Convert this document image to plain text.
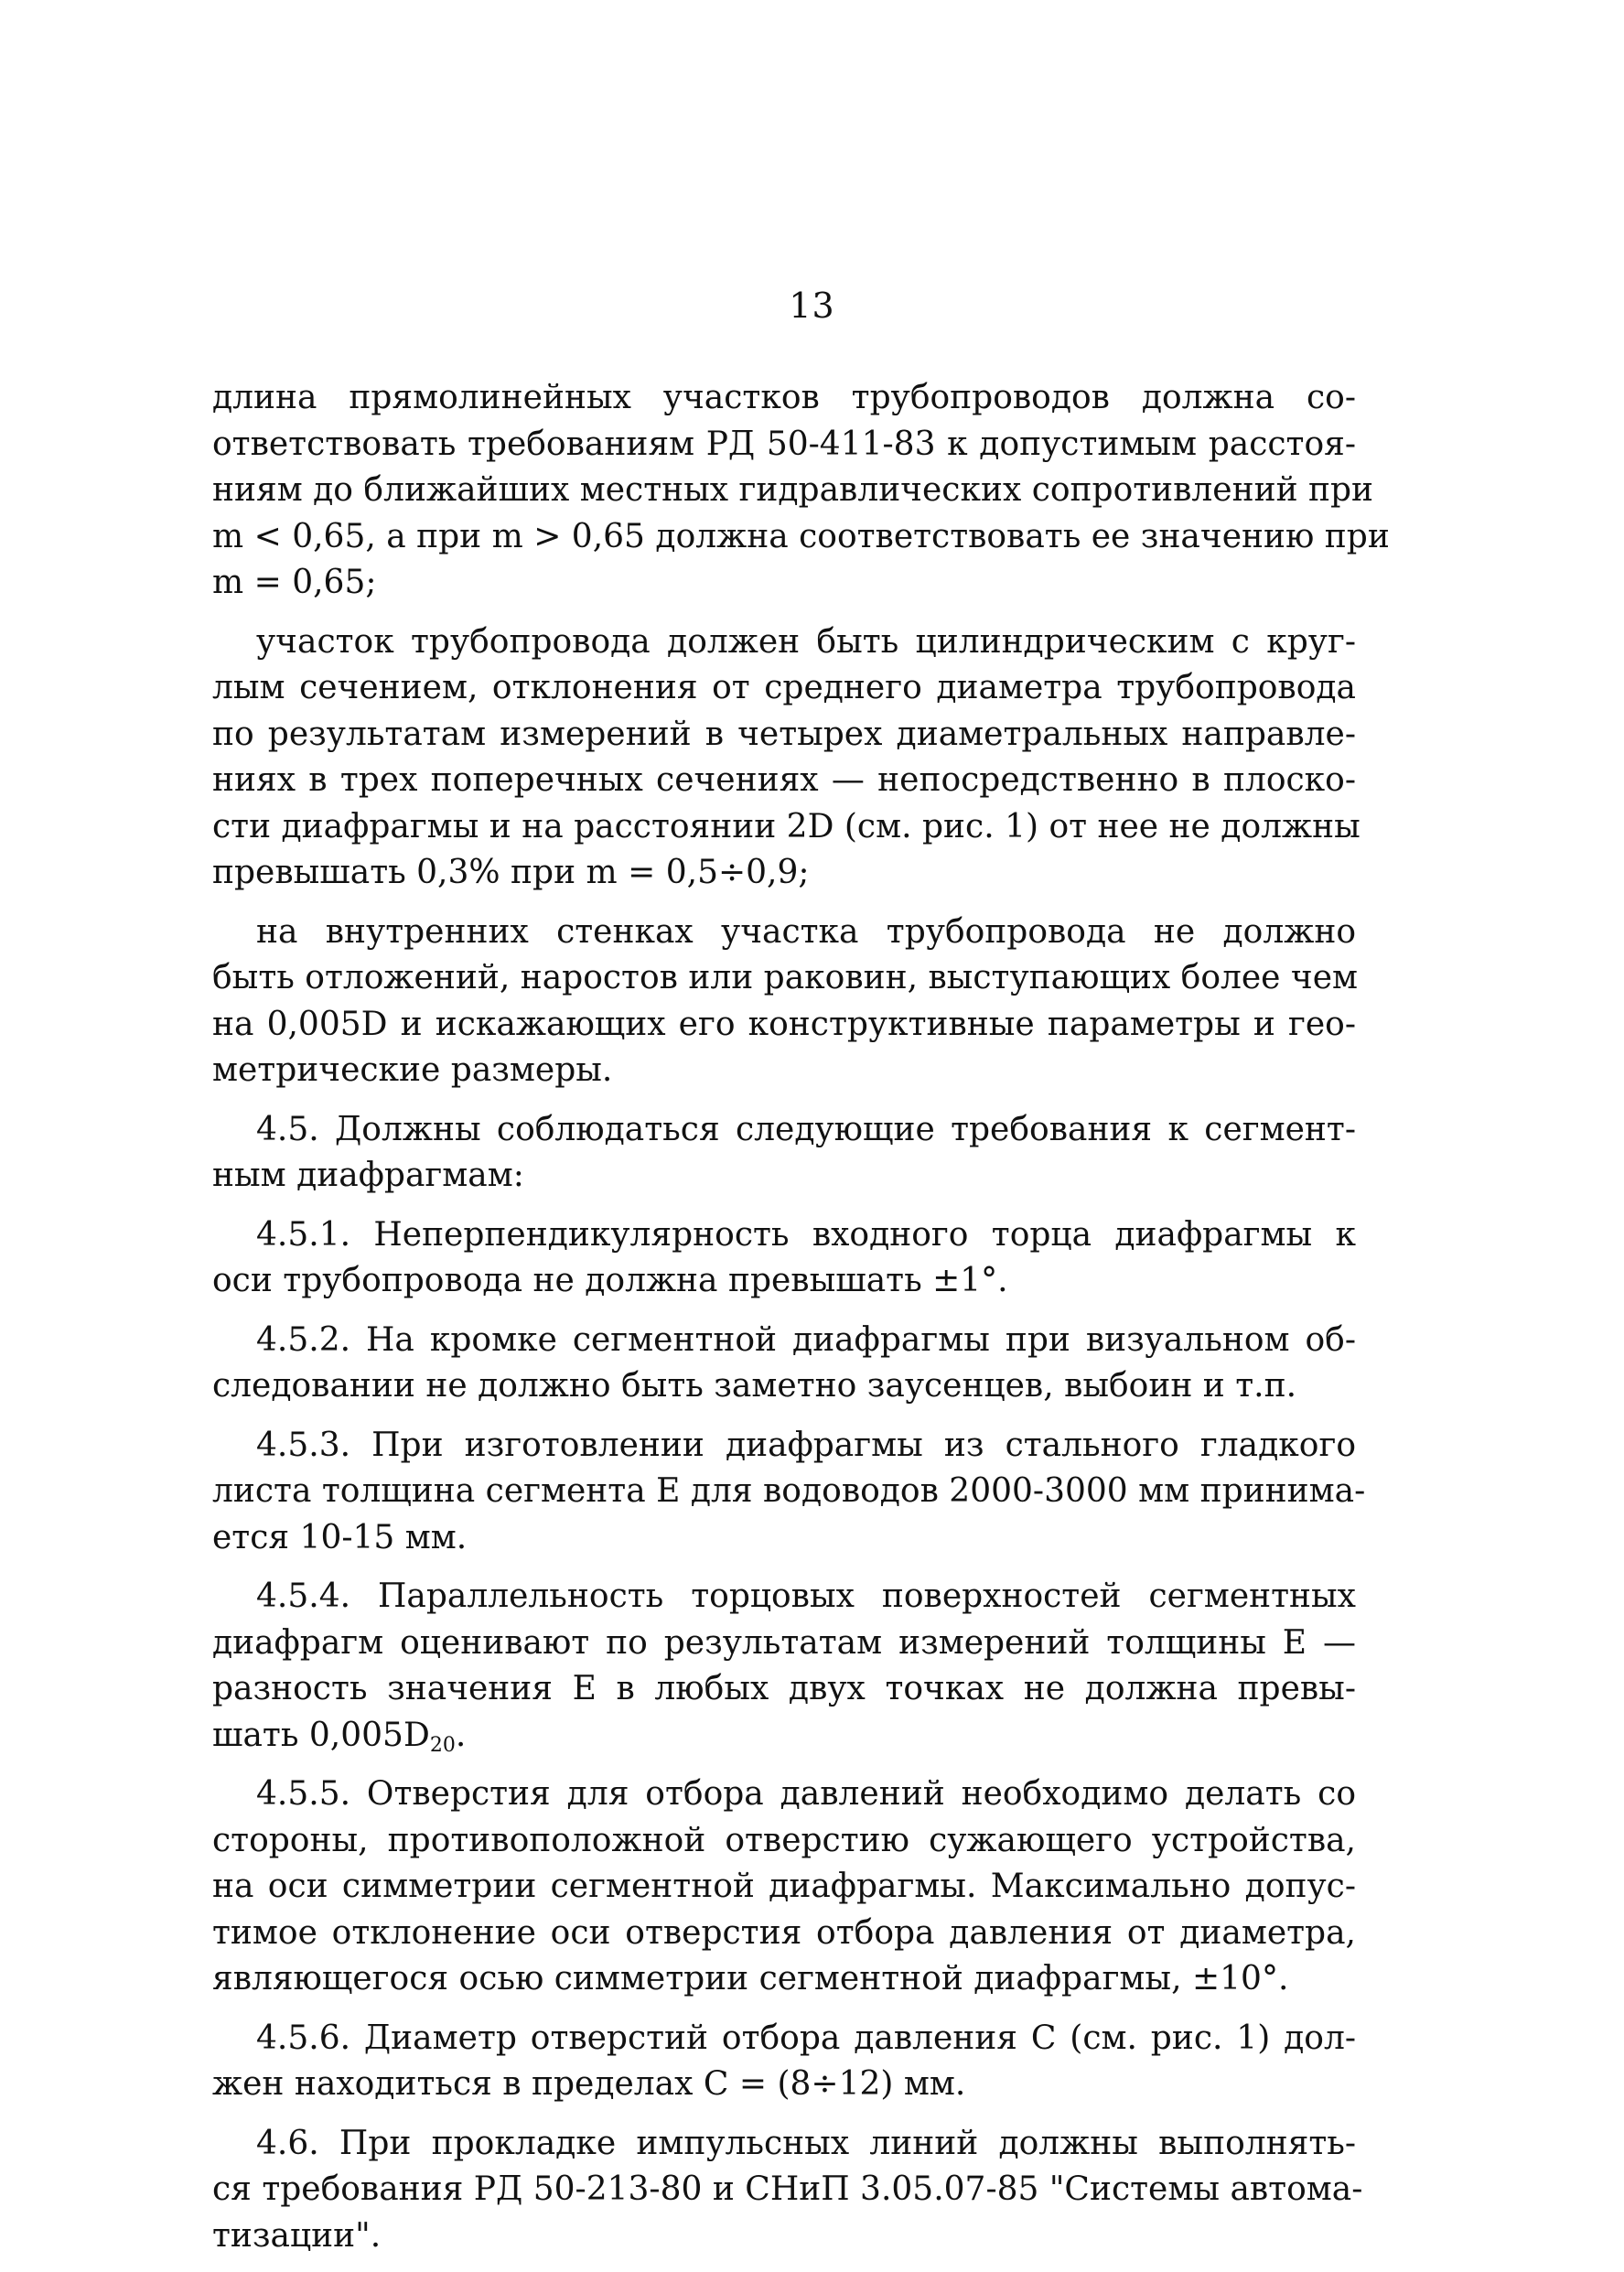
13
длина прямолинейных участков трубопроводов должна со-
ответствовать требованиям РД 50-411-83 к допустимым расстоя-
ниям до ближайших местных гидравлических сопротивлений при
m < 0,65, а при m > 0,65 должна соответствовать ее значению при
m = 0,65;
участок трубопровода должен быть цилиндрическим с круг-
лым сечением, отклонения от среднего диаметра трубопровода
по результатам измерений в четырех диаметральных направле-
ниях в трех поперечных сечениях — непосредственно в плоско-
сти диафрагмы и на расстоянии 2D (см. рис. 1) от нее не должны
превышать 0,3% при m = 0,5÷0,9;
на внутренних стенках участка трубопровода не должно
быть отложений, наростов или раковин, выступающих более чем
на 0,005D и искажающих его конструктивные параметры и гео-
метрические размеры.
4.5. Должны соблюдаться следующие требования к сегмент-
ным диафрагмам:
4.5.1. Неперпендикулярность входного торца диафрагмы к
оси трубопровода не должна превышать ±1°.
4.5.2. На кромке сегментной диафрагмы при визуальном об-
следовании не должно быть заметно заусенцев, выбоин и т.п.
4.5.3. При изготовлении диафрагмы из стального гладкого
листа толщина сегмента Е для водоводов 2000-3000 мм принима-
ется 10-15 мм.
4.5.4. Параллельность торцовых поверхностей сегментных
диафрагм оценивают по результатам измерений толщины Е —
разность значения Е в любых двух точках не должна превы-
шать $0,005D_{20}$.
4.5.5. Отверстия для отбора давлений необходимо делать со
стороны, противоположной отверстию сужающего устройства,
на оси симметрии сегментной диафрагмы. Максимально допус-
тимое отклонение оси отверстия отбора давления от диаметра,
являющегося осью симметрии сегментной диафрагмы, ±10°.
4.5.6. Диаметр отверстий отбора давления С (см. рис. 1) дол-
жен находиться в пределах С = (8÷12) мм.
4.6. При прокладке импульсных линий должны выполнять-
ся требования РД 50-213-80 и СНиП 3.05.07-85 "Системы автома-
тизации".
